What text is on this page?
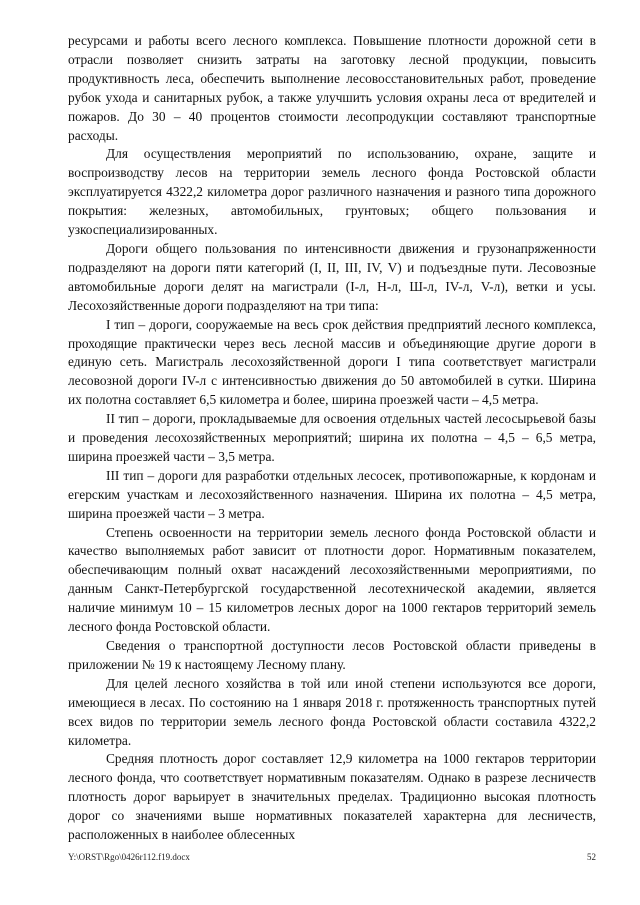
ресурсами и работы всего лесного комплекса. Повышение плотности дорожной сети в отрасли позволяет снизить затраты на заготовку лесной продукции, повысить продуктивность леса, обеспечить выполнение лесовосстановительных работ, проведение рубок ухода и санитарных рубок, а также улучшить условия охраны леса от вредителей и пожаров. До 30 – 40 процентов стоимости лесопродукции составляют транспортные расходы.

Для осуществления мероприятий по использованию, охране, защите и воспроизводству лесов на территории земель лесного фонда Ростовской области эксплуатируется 4322,2 километра дорог различного назначения и разного типа дорожного покрытия: железных, автомобильных, грунтовых; общего пользования и узкоспециализированных.

Дороги общего пользования по интенсивности движения и грузонапряженности подразделяют на дороги пяти категорий (I, II, III, IV, V) и подъездные пути. Лесовозные автомобильные дороги делят на магистрали (I-л, Н-л, Ш-л, IV-л, V-л), ветки и усы. Лесохозяйственные дороги подразделяют на три типа:

I тип – дороги, сооружаемые на весь срок действия предприятий лесного комплекса, проходящие практически через весь лесной массив и объединяющие другие дороги в единую сеть. Магистраль лесохозяйственной дороги I типа соответствует магистрали лесовозной дороги IV-л с интенсивностью движения до 50 автомобилей в сутки. Ширина их полотна составляет 6,5 километра и более, ширина проезжей части – 4,5 метра.

II тип – дороги, прокладываемые для освоения отдельных частей лесосырьевой базы и проведения лесохозяйственных мероприятий; ширина их полотна – 4,5 – 6,5 метра, ширина проезжей части – 3,5 метра.

III тип – дороги для разработки отдельных лесосек, противопожарные, к кордонам и егерским участкам и лесохозяйственного назначения. Ширина их полотна – 4,5 метра, ширина проезжей части – 3 метра.

Степень освоенности на территории земель лесного фонда Ростовской области и качество выполняемых работ зависит от плотности дорог. Нормативным показателем, обеспечивающим полный охват насаждений лесохозяйственными мероприятиями, по данным Санкт-Петербургской государственной лесотехнической академии, является наличие минимум 10 – 15 километров лесных дорог на 1000 гектаров территорий земель лесного фонда Ростовской области.

Сведения о транспортной доступности лесов Ростовской области приведены в приложении № 19 к настоящему Лесному плану.

Для целей лесного хозяйства в той или иной степени используются все дороги, имеющиеся в лесах. По состоянию на 1 января 2018 г. протяженность транспортных путей всех видов по территории земель лесного фонда Ростовской области составила 4322,2 километра.

Средняя плотность дорог составляет 12,9 километра на 1000 гектаров территории лесного фонда, что соответствует нормативным показателям. Однако в разрезе лесничеств плотность дорог варьирует в значительных пределах. Традиционно высокая плотность дорог со значениями выше нормативных показателей характерна для лесничеств, расположенных в наиболее облесенных

Y:\ORST\Rgo\0426r112.f19.docx	52
